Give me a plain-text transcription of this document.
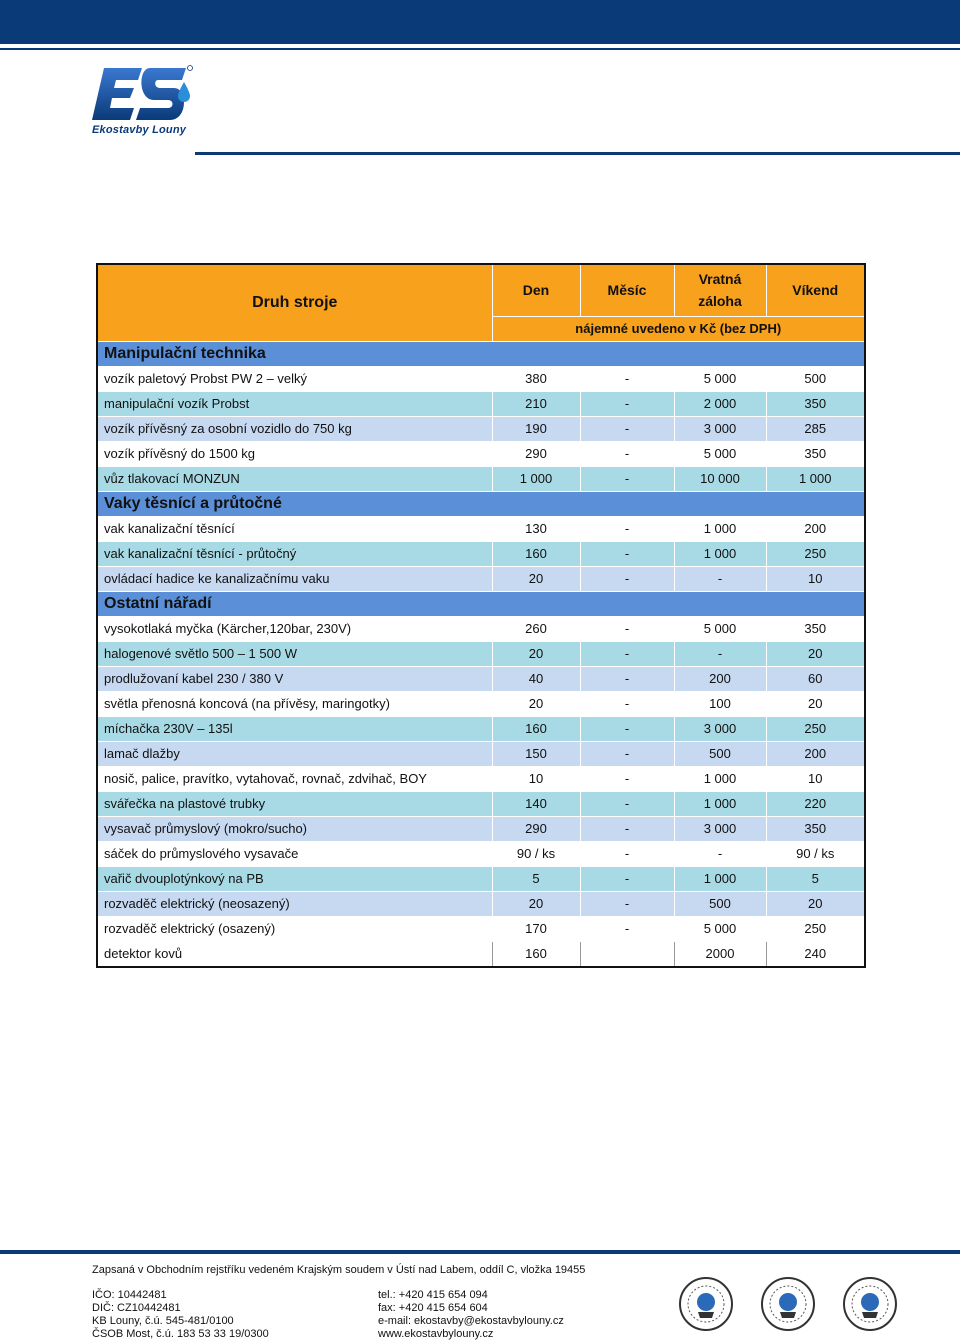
Ekostavby Louny
Druh stroje	Den	Měsíc	Vratná záloha	Víkend
	nájemné uvedeno v Kč (bez DPH)			
Manipulační technika				
vozík paletový Probst PW 2 – velký	380	-	5 000	500
manipulační vozík Probst	210	-	2 000	350
vozík přívěsný za osobní vozidlo do 750 kg	190	-	3 000	285
vozík přívěsný do 1500 kg	290	-	5 000	350
vůz tlakovací MONZUN	1 000	-	10 000	1 000
Vaky těsnící a průtočné				
vak kanalizační těsnící	130	-	1 000	200
vak kanalizační těsnící - průtočný	160	-	1 000	250
ovládací hadice ke kanalizačnímu vaku	20	-	-	10
Ostatní nářadí				
vysokotlaká myčka (Kärcher,120bar, 230V)	260	-	5 000	350
halogenové světlo 500 – 1 500 W	20	-	-	20
prodlužovaní kabel 230 / 380 V	40	-	200	60
světla přenosná koncová (na přívěsy, maringotky)	20	-	100	20
míchačka 230V – 135l	160	-	3 000	250
lamač dlažby	150	-	500	200
nosič, palice, pravítko, vytahovač, rovnač, zdvihač, BOY	10	-	1 000	10
svářečka na plastové trubky	140	-	1 000	220
vysavač průmyslový (mokro/sucho)	290	-	3 000	350
sáček do průmyslového vysavače	90 / ks	-	-	90 / ks
vařič dvouplotýnkový na PB	5	-	1 000	5
rozvaděč elektrický (neosazený)	20	-	500	20
rozvaděč elektrický (osazený)	170	-	5 000	250
detektor kovů	160		2000	240
Zapsaná v Obchodním rejstříku vedeném Krajským soudem v Ústí nad Labem, oddíl C, vložka 19455
IČO: 10442481
DIČ: CZ10442481
KB Louny, č.ú. 545-481/0100
ČSOB Most, č.ú. 183 53 33 19/0300
tel.: +420 415 654 094
fax: +420 415 654 604
e-mail: ekostavby@ekostavbylouny.cz
www.ekostavbylouny.cz
